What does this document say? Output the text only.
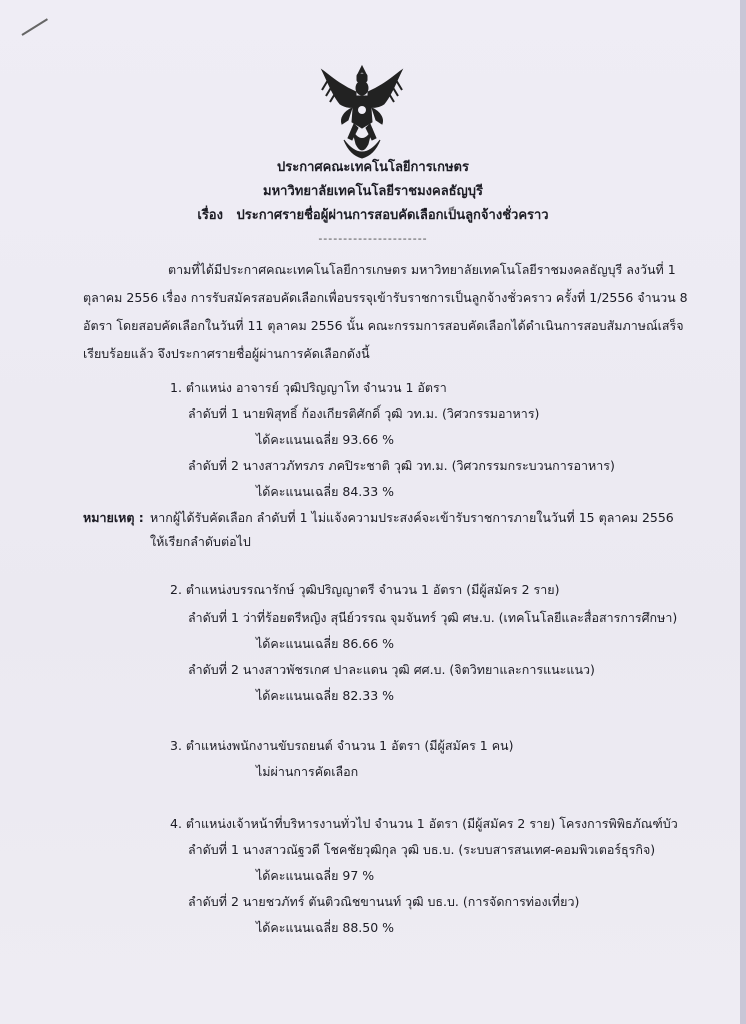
ประกาศคณะเทคโนโลยีการเกษตร
มหาวิทยาลัยเทคโนโลยีราชมงคลธัญบุรี
เรื่อง ประกาศรายชื่อผู้ผ่านการสอบคัดเลือกเป็นลูกจ้างชั่วคราว
----------------------
ตามที่ได้มีประกาศคณะเทคโนโลยีการเกษตร มหาวิทยาลัยเทคโนโลยีราชมงคลธัญบุรี ลงวันที่ 1
ตุลาคม 2556 เรื่อง การรับสมัครสอบคัดเลือกเพื่อบรรจุเข้ารับราชการเป็นลูกจ้างชั่วคราว ครั้งที่ 1/2556 จำนวน 8
อัตรา โดยสอบคัดเลือกในวันที่ 11 ตุลาคม 2556 นั้น คณะกรรมการสอบคัดเลือกได้ดำเนินการสอบสัมภาษณ์เสร็จ
เรียบร้อยแล้ว จึงประกาศรายชื่อผู้ผ่านการคัดเลือกดังนี้
1. ตำแหน่ง อาจารย์ วุฒิปริญญาโท จำนวน 1 อัตรา
ลำดับที่ 1 นายพิสุทธิ์ ก้องเกียรติศักดิ์ วุฒิ วท.ม. (วิศวกรรมอาหาร)
ได้คะแนนเฉลี่ย 93.66 %
ลำดับที่ 2 นางสาวภัทรภร ภคปิระชาติ วุฒิ วท.ม. (วิศวกรรมกระบวนการอาหาร)
ได้คะแนนเฉลี่ย 84.33 %
หมายเหตุ : หากผู้ได้รับคัดเลือก ลำดับที่ 1 ไม่แจ้งความประสงค์จะเข้ารับราชการภายในวันที่ 15 ตุลาคม 2556
ให้เรียกลำดับต่อไป
2. ตำแหน่งบรรณารักษ์ วุฒิปริญญาตรี จำนวน 1 อัตรา (มีผู้สมัคร 2 ราย)
ลำดับที่ 1 ว่าที่ร้อยตรีหญิง สุนีย์วรรณ จุมจันทร์ วุฒิ ศษ.บ. (เทคโนโลยีและสื่อสารการศึกษา)
ได้คะแนนเฉลี่ย 86.66 %
ลำดับที่ 2 นางสาวพัชรเกศ ปาละแดน วุฒิ ศศ.บ. (จิตวิทยาและการแนะแนว)
ได้คะแนนเฉลี่ย 82.33 %
3. ตำแหน่งพนักงานขับรถยนต์ จำนวน 1 อัตรา (มีผู้สมัคร 1 คน)
ไม่ผ่านการคัดเลือก
4. ตำแหน่งเจ้าหน้าที่บริหารงานทั่วไป จำนวน 1 อัตรา (มีผู้สมัคร 2 ราย) โครงการพิพิธภัณฑ์บัว
ลำดับที่ 1 นางสาวณัฐวดี โชคชัยวุฒิกุล วุฒิ บธ.บ. (ระบบสารสนเทศ-คอมพิวเตอร์ธุรกิจ)
ได้คะแนนเฉลี่ย 97 %
ลำดับที่ 2 นายชวภัทร์ ตันติวณิชขานนท์ วุฒิ บธ.บ. (การจัดการท่องเที่ยว)
ได้คะแนนเฉลี่ย 88.50 %
